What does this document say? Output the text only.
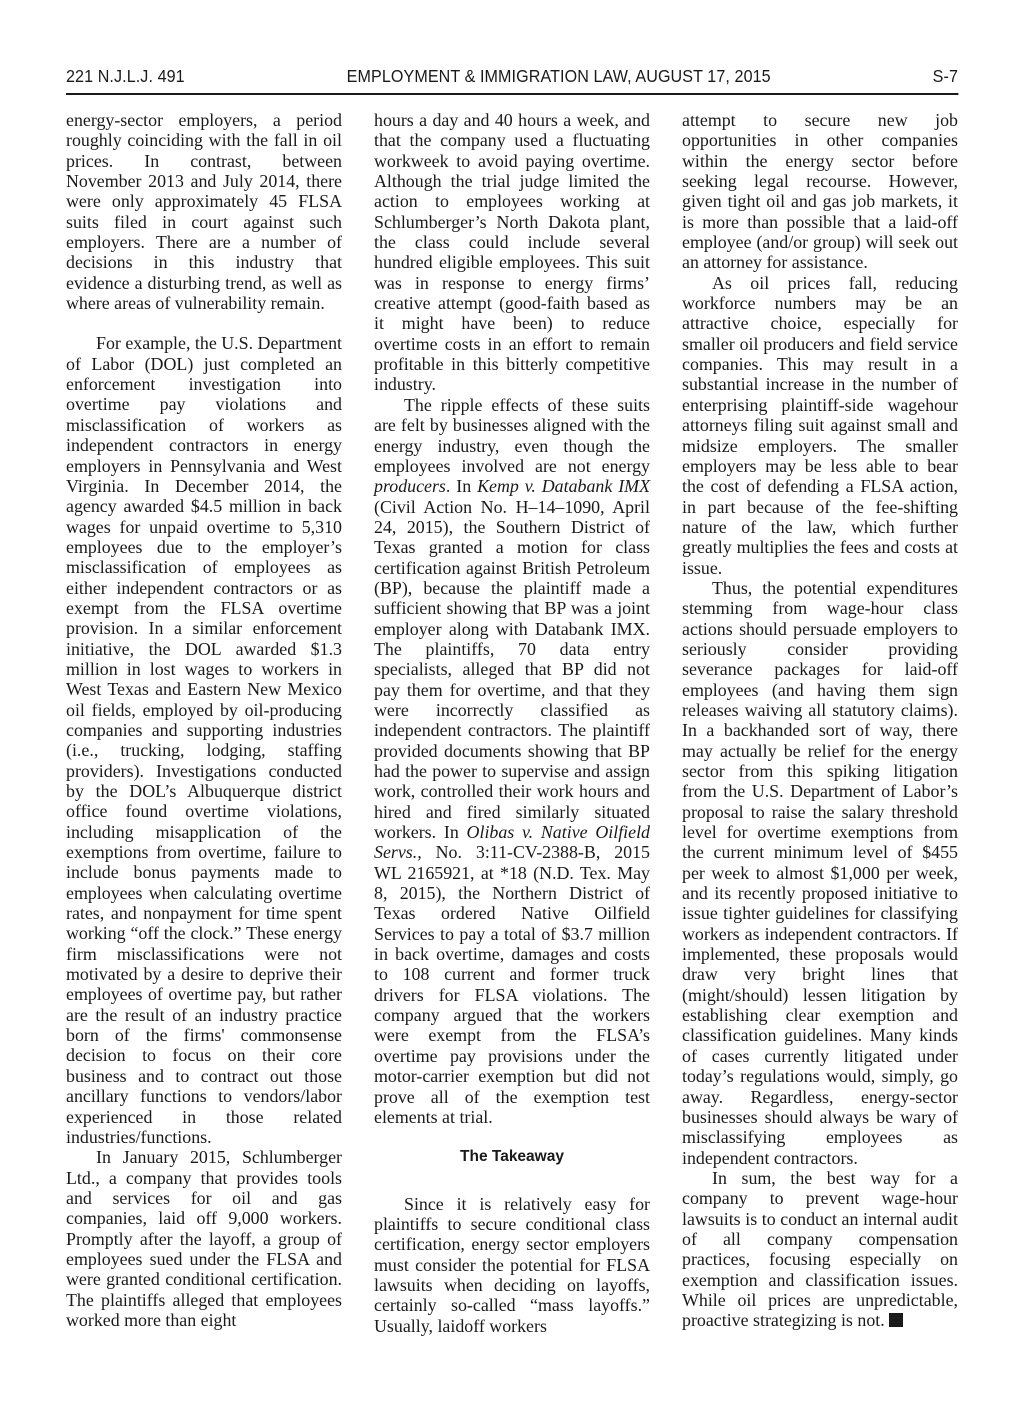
221 N.J.L.J. 491	EMPLOYMENT & IMMIGRATION LAW, AUGUST 17, 2015	S-7

energy-sector employers, a period roughly coinciding with the fall in oil prices. In contrast, between November 2013 and July 2014, there were only approximately 45 FLSA suits filed in court against such employers. There are a number of decisions in this industry that evidence a disturbing trend, as well as where areas of vulnerability remain.

For example, the U.S. Department of Labor (DOL) just completed an enforcement investigation into overtime pay violations and misclassification of workers as independent contractors in energy employers in Pennsylvania and West Virginia. In December 2014, the agency awarded $4.5 million in back wages for unpaid overtime to 5,310 employees due to the employer’s misclassification of employees as either independent contractors or as exempt from the FLSA overtime provision. In a similar enforcement initiative, the DOL awarded $1.3 million in lost wages to workers in West Texas and Eastern New Mexico oil fields, employed by oil-producing companies and supporting industries (i.e., trucking, lodging, staffing providers). Investigations conducted by the DOL’s Albuquerque district office found overtime violations, including misapplication of the exemptions from overtime, failure to include bonus payments made to employees when calculating overtime rates, and nonpayment for time spent working “off the clock.” These energy firm misclassifications were not motivated by a desire to deprive their employees of overtime pay, but rather are the result of an industry practice born of the firms' commonsense decision to focus on their core business and to contract out those ancillary functions to vendors/labor experienced in those related industries/functions.

In January 2015, Schlumberger Ltd., a company that provides tools and services for oil and gas companies, laid off 9,000 workers. Promptly after the layoff, a group of employees sued under the FLSA and were granted conditional certification. The plaintiffs alleged that employees worked more than eight

hours a day and 40 hours a week, and that the company used a fluctuating workweek to avoid paying overtime. Although the trial judge limited the action to employees working at Schlumberger’s North Dakota plant, the class could include several hundred eligible employees. This suit was in response to energy firms’ creative attempt (good-faith based as it might have been) to reduce overtime costs in an effort to remain profitable in this bitterly competitive industry.

The ripple effects of these suits are felt by businesses aligned with the energy industry, even though the employees involved are not energy producers. In Kemp v. Databank IMX (Civil Action No. H–14–1090, April 24, 2015), the Southern District of Texas granted a motion for class certification against British Petroleum (BP), because the plaintiff made a sufficient showing that BP was a joint employer along with Databank IMX. The plaintiffs, 70 data entry specialists, alleged that BP did not pay them for overtime, and that they were incorrectly classified as independent contractors. The plaintiff provided documents showing that BP had the power to supervise and assign work, controlled their work hours and hired and fired similarly situated workers. In Olibas v. Native Oilfield Servs., No. 3:11-CV-2388-B, 2015 WL 2165921, at *18 (N.D. Tex. May 8, 2015), the Northern District of Texas ordered Native Oilfield Services to pay a total of $3.7 million in back overtime, damages and costs to 108 current and former truck drivers for FLSA violations. The company argued that the workers were exempt from the FLSA’s overtime pay provisions under the motor-carrier exemption but did not prove all of the exemption test elements at trial.

The Takeaway

Since it is relatively easy for plaintiffs to secure conditional class certification, energy sector employers must consider the potential for FLSA lawsuits when deciding on layoffs, certainly so-called “mass layoffs.” Usually, laidoff workers

attempt to secure new job opportunities in other companies within the energy sector before seeking legal recourse. However, given tight oil and gas job markets, it is more than possible that a laid-off employee (and/or group) will seek out an attorney for assistance.

As oil prices fall, reducing workforce numbers may be an attractive choice, especially for smaller oil producers and field service companies. This may result in a substantial increase in the number of enterprising plaintiff-side wagehour attorneys filing suit against small and midsize employers. The smaller employers may be less able to bear the cost of defending a FLSA action, in part because of the fee-shifting nature of the law, which further greatly multiplies the fees and costs at issue.

Thus, the potential expenditures stemming from wage-hour class actions should persuade employers to seriously consider providing severance packages for laid-off employees (and having them sign releases waiving all statutory claims). In a backhanded sort of way, there may actually be relief for the energy sector from this spiking litigation from the U.S. Department of Labor’s proposal to raise the salary threshold level for overtime exemptions from the current minimum level of $455 per week to almost $1,000 per week, and its recently proposed initiative to issue tighter guidelines for classifying workers as independent contractors. If implemented, these proposals would draw very bright lines that (might/should) lessen litigation by establishing clear exemption and classification guidelines. Many kinds of cases currently litigated under today’s regulations would, simply, go away. Regardless, energy-sector businesses should always be wary of misclassifying employees as independent contractors.

In sum, the best way for a company to prevent wage-hour lawsuits is to conduct an internal audit of all company compensation practices, focusing especially on exemption and classification issues. While oil prices are unpredictable, proactive strategizing is not.
